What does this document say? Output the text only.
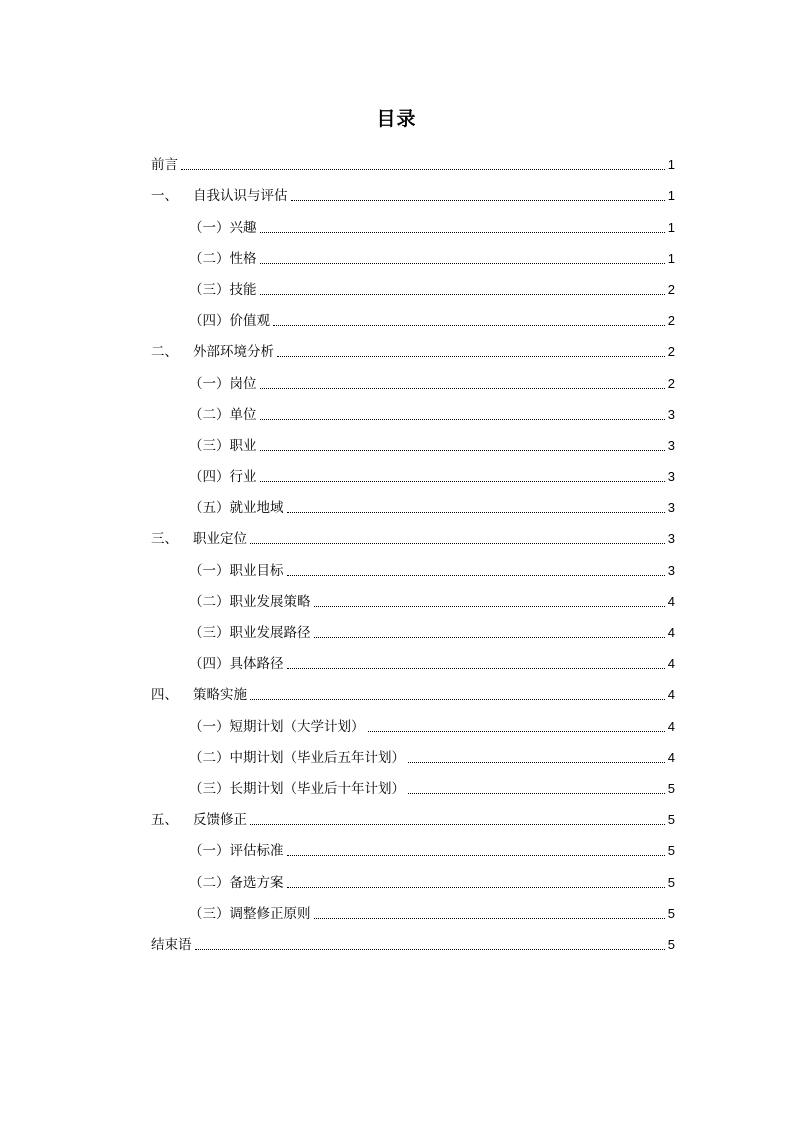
目录
前言	1
一、	自我认识与评估	1
（一）兴趣	1
（二）性格	1
（三）技能	2
（四）价值观	2
二、	外部环境分析	2
（一）岗位	2
（二）单位	3
（三）职业	3
（四）行业	3
（五）就业地域	3
三、	职业定位	3
（一）职业目标	3
（二）职业发展策略	4
（三）职业发展路径	4
（四）具体路径	4
四、	策略实施	4
（一）短期计划（大学计划）	4
（二）中期计划（毕业后五年计划）	4
（三）长期计划（毕业后十年计划）	5
五、	反馈修正	5
（一）评估标准	5
（二）备选方案	5
（三）调整修正原则	5
结束语	5
